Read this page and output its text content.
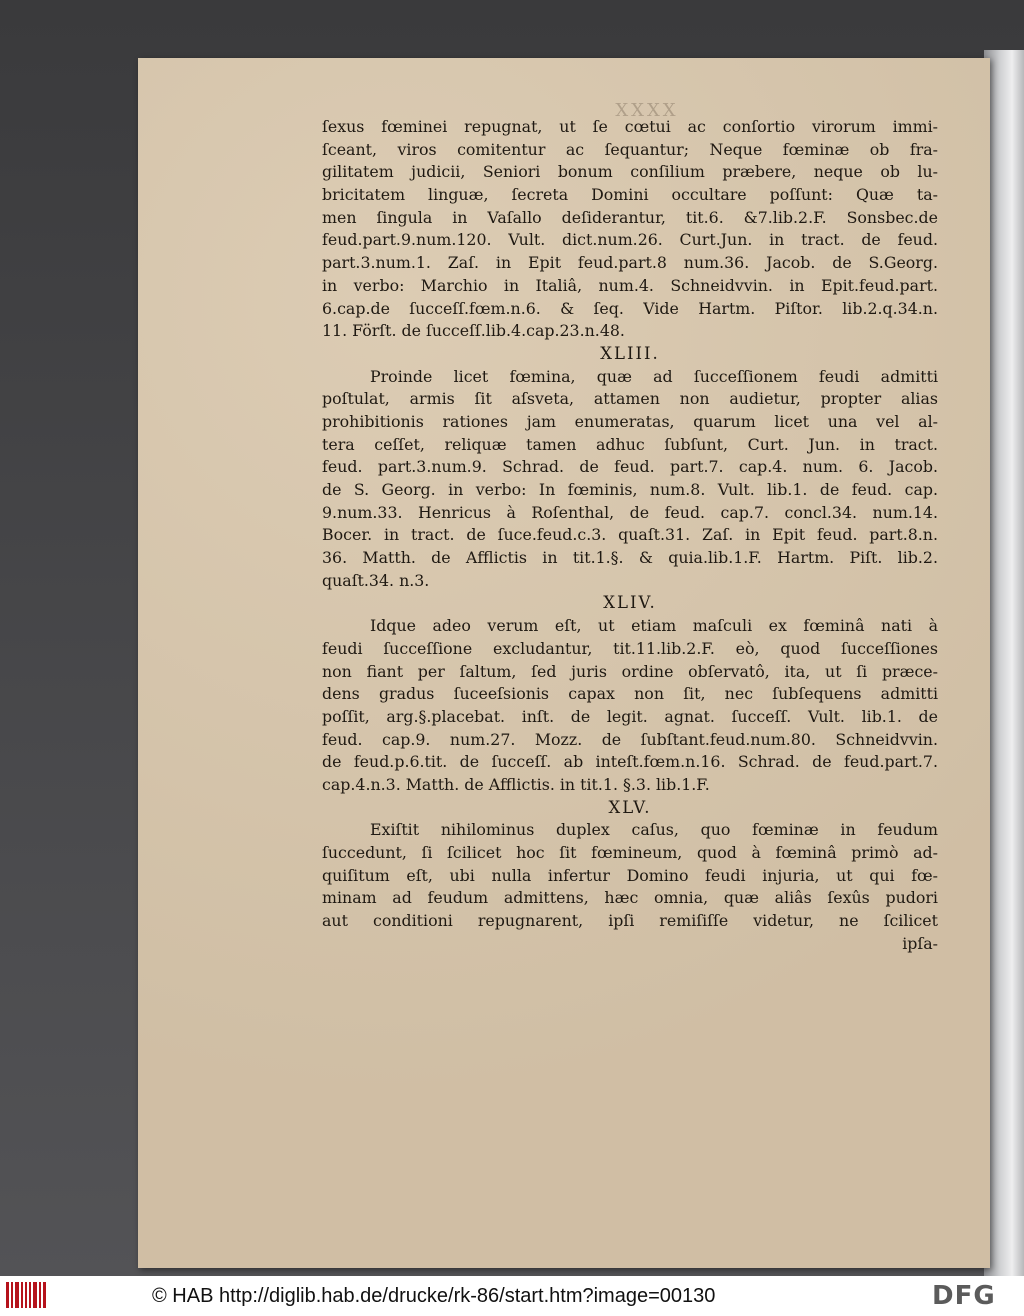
XXXX
ſexus fœminei repugnat, ut ſe cœtui ac conſortio virorum immi-
ſceant, viros comitentur ac ſequantur; Neque fœminæ ob fra-
gilitatem judicii, Seniori bonum conſilium præbere, neque ob lu-
bricitatem linguæ, ſecreta Domini occultare poſſunt: Quæ ta-
men ſingula in Vaſallo deſiderantur, tit.6. &7.lib.2.F. Sonsbec.de
feud.part.9.num.120. Vult. dict.num.26. Curt.Jun. in tract. de feud.
part.3.num.1. Zaſ. in Epit feud.part.8 num.36. Jacob. de S.Georg.
in verbo: Marchio in Italiâ, num.4. Schneidvvin. in Epit.feud.part.
6.cap.de ſucceſſ.fœm.n.6. & ſeq. Vide Hartm. Piſtor. lib.2.q.34.n.
11. Förſt. de ſucceſſ.lib.4.cap.23.n.48.
XLIII.
Proinde licet fœmina, quæ ad ſucceſſionem feudi admitti
poſtulat, armis ſit aſsveta, attamen non audietur, propter alias
prohibitionis rationes jam enumeratas, quarum licet una vel al-
tera ceſſet, reliquæ tamen adhuc ſubſunt, Curt. Jun. in tract.
feud. part.3.num.9. Schrad. de feud. part.7. cap.4. num. 6. Jacob.
de S. Georg. in verbo: In fœminis, num.8. Vult. lib.1. de feud. cap.
9.num.33. Henricus à Roſenthal, de feud. cap.7. concl.34. num.14.
Bocer. in tract. de ſuce.feud.c.3. quaſt.31. Zaſ. in Epit feud. part.8.n.
36. Matth. de Afflictis in tit.1.§. & quia.lib.1.F. Hartm. Piſt. lib.2.
quaſt.34. n.3.
XLIV.
Idque adeo verum eſt, ut etiam maſculi ex fœminâ nati à
feudi ſucceſſione excludantur, tit.11.lib.2.F. eò, quod ſucceſſiones
non fiant per ſaltum, ſed juris ordine obſervatô, ita, ut ſi præce-
dens gradus ſuceeſsionis capax non ſit, nec ſubſequens admitti
poſſit, arg.§.placebat. inſt. de legit. agnat. ſucceſſ. Vult. lib.1. de
feud. cap.9. num.27. Mozz. de ſubſtant.feud.num.80. Schneidvvin.
de feud.p.6.tit. de ſucceſſ. ab inteſt.fœm.n.16. Schrad. de feud.part.7.
cap.4.n.3. Matth. de Afflictis. in tit.1. §.3. lib.1.F.
XLV.
Exiſtit nihilominus duplex caſus, quo fœminæ in feudum
ſuccedunt, ſi ſcilicet hoc ſit fœmineum, quod à fœminâ primò ad-
quiſitum eſt, ubi nulla infertur Domino feudi injuria, ut qui fœ-
minam ad feudum admittens, hæc omnia, quæ aliâs ſexûs pudori
aut conditioni repugnarent, ipſi remiſiſſe videtur, ne ſcilicet
ipſa-
© HAB http://diglib.hab.de/drucke/rk-86/start.htm?image=00130	DFG
